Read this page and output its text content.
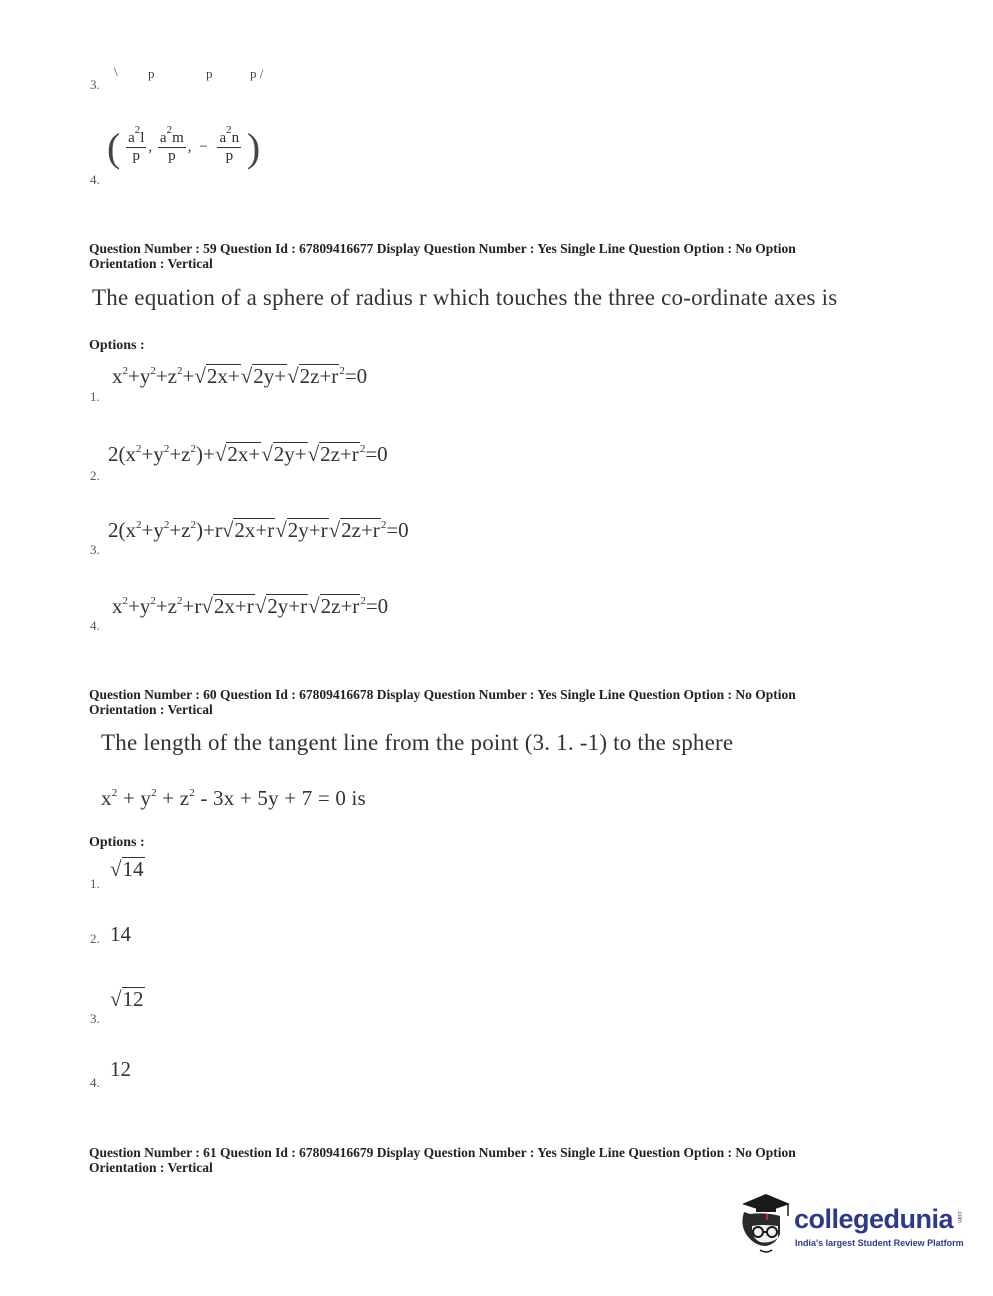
3.
\ p	p	p /
4.
( $\frac{a^2l}{p}$ , $\frac{a^2m}{p}$ , − $\frac{a^2n}{p}$ )
Question Number : 59 Question Id : 67809416677 Display Question Number : Yes Single Line Question Option : No Option
Orientation : Vertical
The equation of a sphere of radius r which touches the three co-ordinate axes is
Options :
1.
$x^2+y^2+z^2+√2x+√2y+√2z+r^2=0$
2.
$2(x^2+y^2+z^2)+√2x+√2y+√2z+r^2=0$
3.
$2(x^2+y^2+z^2)+r√2x+r√2y+r√2z+r^2=0$
4.
$x^2+y^2+z^2+r√2x+r√2y+r√2z+r^2=0$
Question Number : 60 Question Id : 67809416678 Display Question Number : Yes Single Line Question Option : No Option
Orientation : Vertical
The length of the tangent line from the point (3. 1. -1) to the sphere
$x^2 + y^2 + z^2 - 3x + 5y + 7 = 0$ is
Options :
1.
√14
2. 14
3.
√12
4.
12
Question Number : 61 Question Id : 67809416679 Display Question Number : Yes Single Line Question Option : No Option
Orientation : Vertical
collegedunia .com
India's largest Student Review Platform
